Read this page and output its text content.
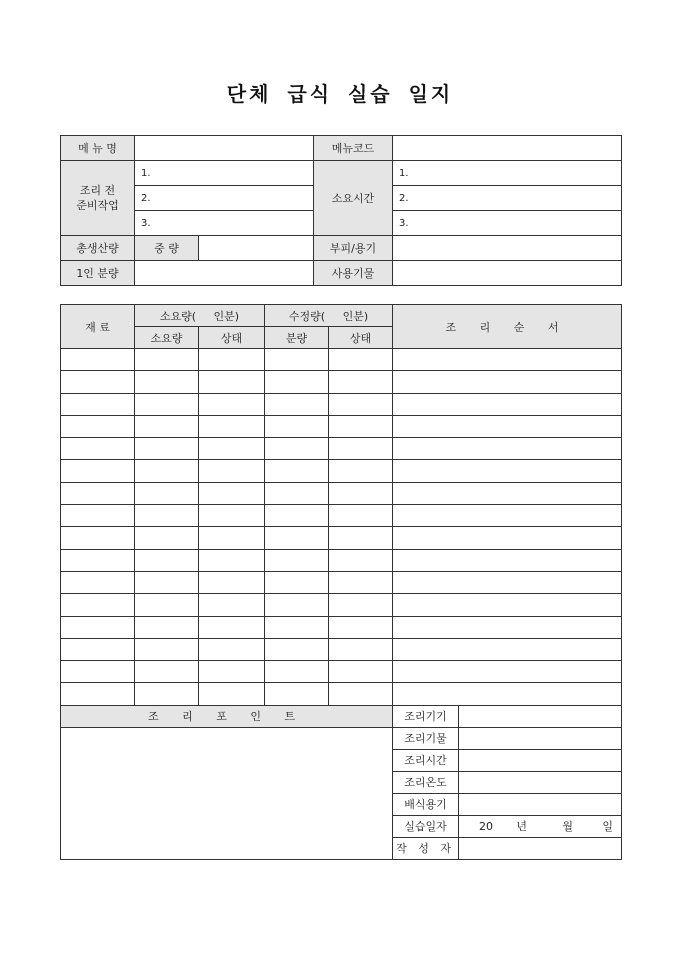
단체 급식 실습 일지
메 뉴 명			메뉴코드	

조리 전
준비작업	1.		소요시간	1.
	2.			2.
	3.			3.
총생산량	중 량		부피/용기	
1인 분량			사용기물	
재 료	소요량(     인분)		수정량(     인분)		조 리 순 서	
	소요량	상태	분량	상태		

조 리 포 인 트					조리기기	
					조리기물	
					조리시간	
					조리온도	
					배식용기	
					실습일자	20 년 월 일
					작 성 자	
